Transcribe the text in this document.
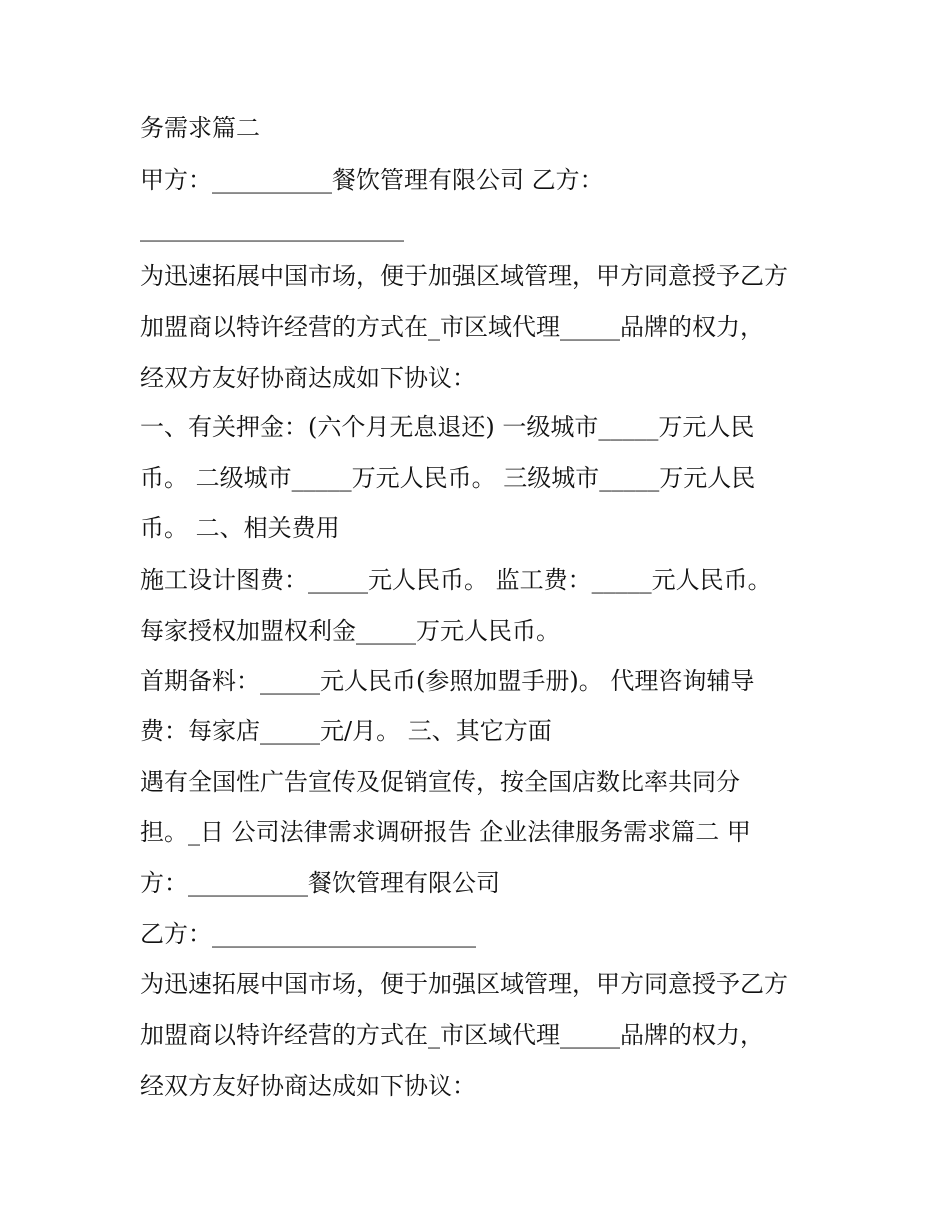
务需求篇二
甲方：__________餐饮管理有限公司 乙方：
______________________
为迅速拓展中国市场，便于加强区域管理，甲方同意授予乙方
加盟商以特许经营的方式在_市区域代理_____品牌的权力，
经双方友好协商达成如下协议：
一、有关押金：(六个月无息退还) 一级城市_____万元人民
币。 二级城市_____万元人民币。 三级城市_____万元人民
币。 二、相关费用
施工设计图费：_____元人民币。 监工费：_____元人民币。
每家授权加盟权利金_____万元人民币。
首期备料：_____元人民币(参照加盟手册)。 代理咨询辅导
费：每家店_____元/月。 三、其它方面
遇有全国性广告宣传及促销宣传，按全国店数比率共同分
担。_日 公司法律需求调研报告 企业法律服务需求篇二 甲
方：__________餐饮管理有限公司
乙方：______________________
为迅速拓展中国市场，便于加强区域管理，甲方同意授予乙方
加盟商以特许经营的方式在_市区域代理_____品牌的权力，
经双方友好协商达成如下协议：
